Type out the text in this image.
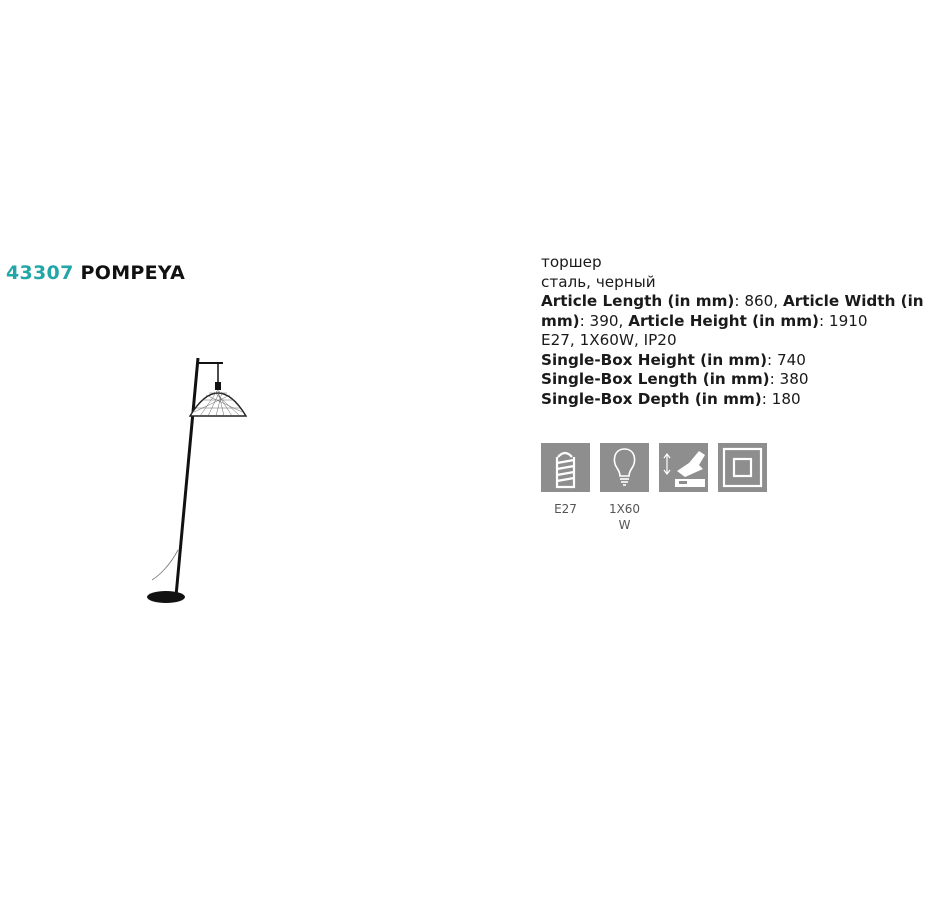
43307 POMPEYA	торшер
сталь, черный
Article Length (in mm): 860, Article Width (in
mm): 390, Article Height (in mm): 1910
E27, 1X60W, IP20
Single-Box Height (in mm): 740
Single-Box Length (in mm): 380
Single-Box Depth (in mm): 180
E27	1X60
W
